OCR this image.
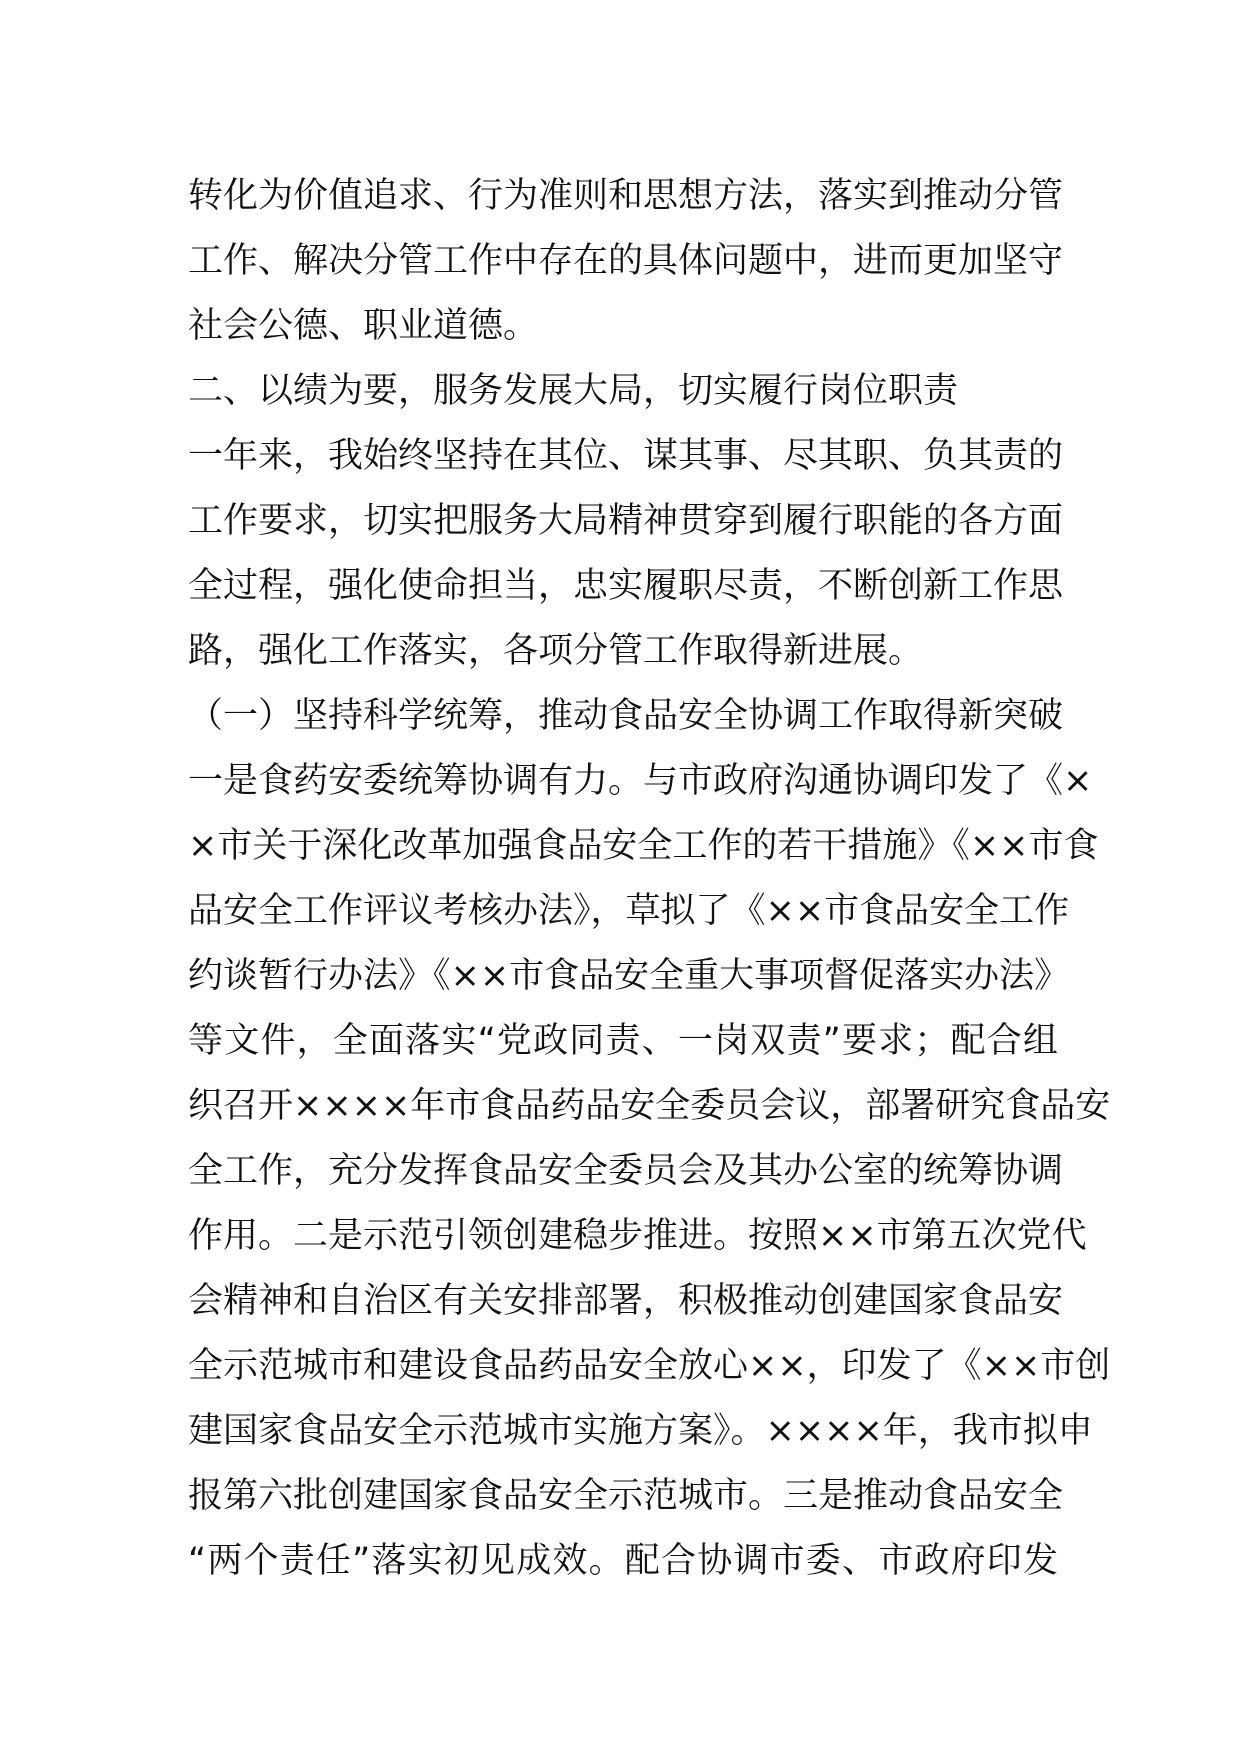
转化为价值追求、行为准则和思想方法，落实到推动分管
工作、解决分管工作中存在的具体问题中，进而更加坚守
社会公德、职业道德。
二、以绩为要，服务发展大局，切实履行岗位职责
一年来，我始终坚持在其位、谋其事、尽其职、负其责的
工作要求，切实把服务大局精神贯穿到履行职能的各方面
全过程，强化使命担当，忠实履职尽责，不断创新工作思
路，强化工作落实，各项分管工作取得新进展。
（一）坚持科学统筹，推动食品安全协调工作取得新突破
一是食药安委统筹协调有力。与市政府沟通协调印发了《×
×市关于深化改革加强食品安全工作的若干措施》《××市食
品安全工作评议考核办法》，草拟了《××市食品安全工作
约谈暂行办法》《××市食品安全重大事项督促落实办法》
等文件，全面落实“党政同责、一岗双责”要求；配合组
织召开××××年市食品药品安全委员会议，部署研究食品安
全工作，充分发挥食品安全委员会及其办公室的统筹协调
作用。二是示范引领创建稳步推进。按照××市第五次党代
会精神和自治区有关安排部署，积极推动创建国家食品安
全示范城市和建设食品药品安全放心××，印发了《××市创
建国家食品安全示范城市实施方案》。××××年，我市拟申
报第六批创建国家食品安全示范城市。三是推动食品安全
“两个责任”落实初见成效。配合协调市委、市政府印发
